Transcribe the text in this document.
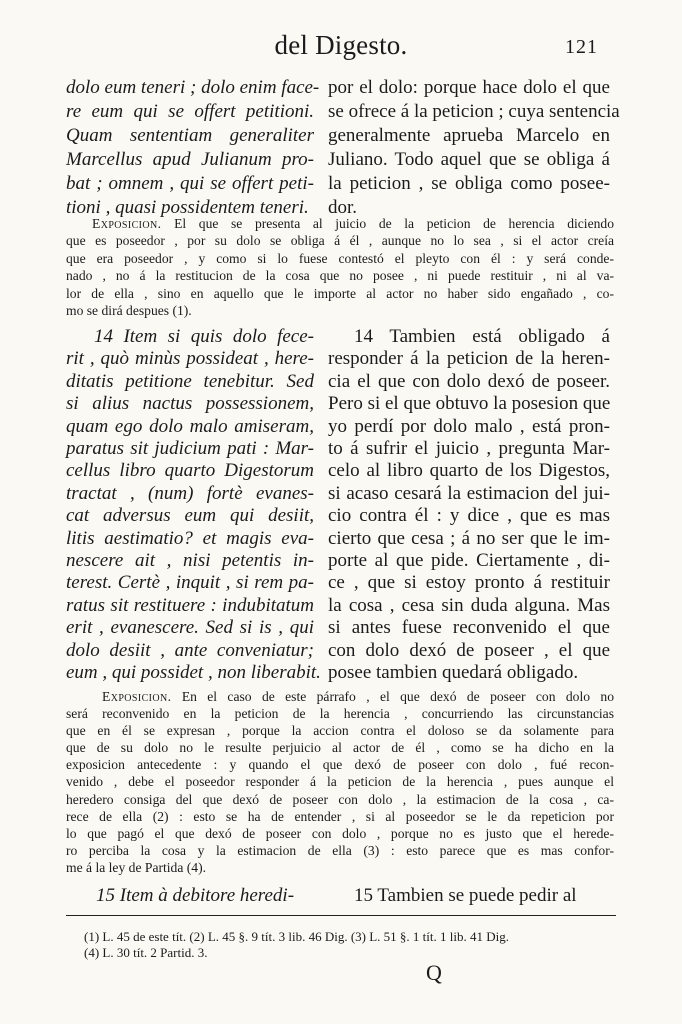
del Digesto.	121
dolo eum teneri ; dolo enim face-
re eum qui se offert petitioni.
Quam sententiam generaliter
Marcellus apud Julianum pro-
bat ; omnem , qui se offert peti-
tioni , quasi possidentem teneri.
por el dolo: porque hace dolo el que
se ofrece á la peticion ; cuya sentencia
generalmente aprueba Marcelo en
Juliano. Todo aquel que se obliga á
la peticion , se obliga como posee-
dor.
Exposicion. El que se presenta al juicio de la peticion de herencia diciendo
que es poseedor , por su dolo se obliga á él , aunque no lo sea , si el actor creía
que era poseedor , y como si lo fuese contestó el pleyto con él : y será conde-
nado , no á la restitucion de la cosa que no posee , ni puede restituir , ni al va-
lor de ella , sino en aquello que le importe al actor no haber sido engañado , co-
mo se dirá despues (1).
14 Item si quis dolo fece-
rit , quò minùs possideat , here-
ditatis petitione tenebitur. Sed
si alius nactus possessionem,
quam ego dolo malo amiseram,
paratus sit judicium pati : Mar-
cellus libro quarto Digestorum
tractat , (num) fortè evanes-
cat adversus eum qui desiit,
litis aestimatio? et magis eva-
nescere ait , nisi petentis in-
terest. Certè , inquit , si rem pa-
ratus sit restituere : indubitatum
erit , evanescere. Sed si is , qui
dolo desiit , ante conveniatur;
eum , qui possidet , non liberabit.
14 Tambien está obligado á
responder á la peticion de la heren-
cia el que con dolo dexó de poseer.
Pero si el que obtuvo la posesion que
yo perdí por dolo malo , está pron-
to á sufrir el juicio , pregunta Mar-
celo al libro quarto de los Digestos,
si acaso cesará la estimacion del jui-
cio contra él : y dice , que es mas
cierto que cesa ; á no ser que le im-
porte al que pide. Ciertamente , di-
ce , que si estoy pronto á restituir
la cosa , cesa sin duda alguna. Mas
si antes fuese reconvenido el que
con dolo dexó de poseer , el que
posee tambien quedará obligado.
Exposicion. En el caso de este párrafo , el que dexó de poseer con dolo no
será reconvenido en la peticion de la herencia , concurriendo las circunstancias
que en él se expresan , porque la accion contra el doloso se da solamente para
que de su dolo no le resulte perjuicio al actor de él , como se ha dicho en la
exposicion antecedente : y quando el que dexó de poseer con dolo , fué recon-
venido , debe el poseedor responder á la peticion de la herencia , pues aunque el
heredero consiga del que dexó de poseer con dolo , la estimacion de la cosa , ca-
rece de ella (2) : esto se ha de entender , si al poseedor se le da repeticion por
lo que pagó el que dexó de poseer con dolo , porque no es justo que el herede-
ro perciba la cosa y la estimacion de ella (3) : esto parece que es mas confor-
me á la ley de Partida (4).
15 Item à debitore heredi-	15 Tambien se puede pedir al
(1) L. 45 de este tít. (2) L. 45 §. 9 tít. 3 lib. 46 Dig. (3) L. 51 §. 1 tít. 1 lib. 41 Dig.
(4) L. 30 tít. 2 Partid. 3.
Q
